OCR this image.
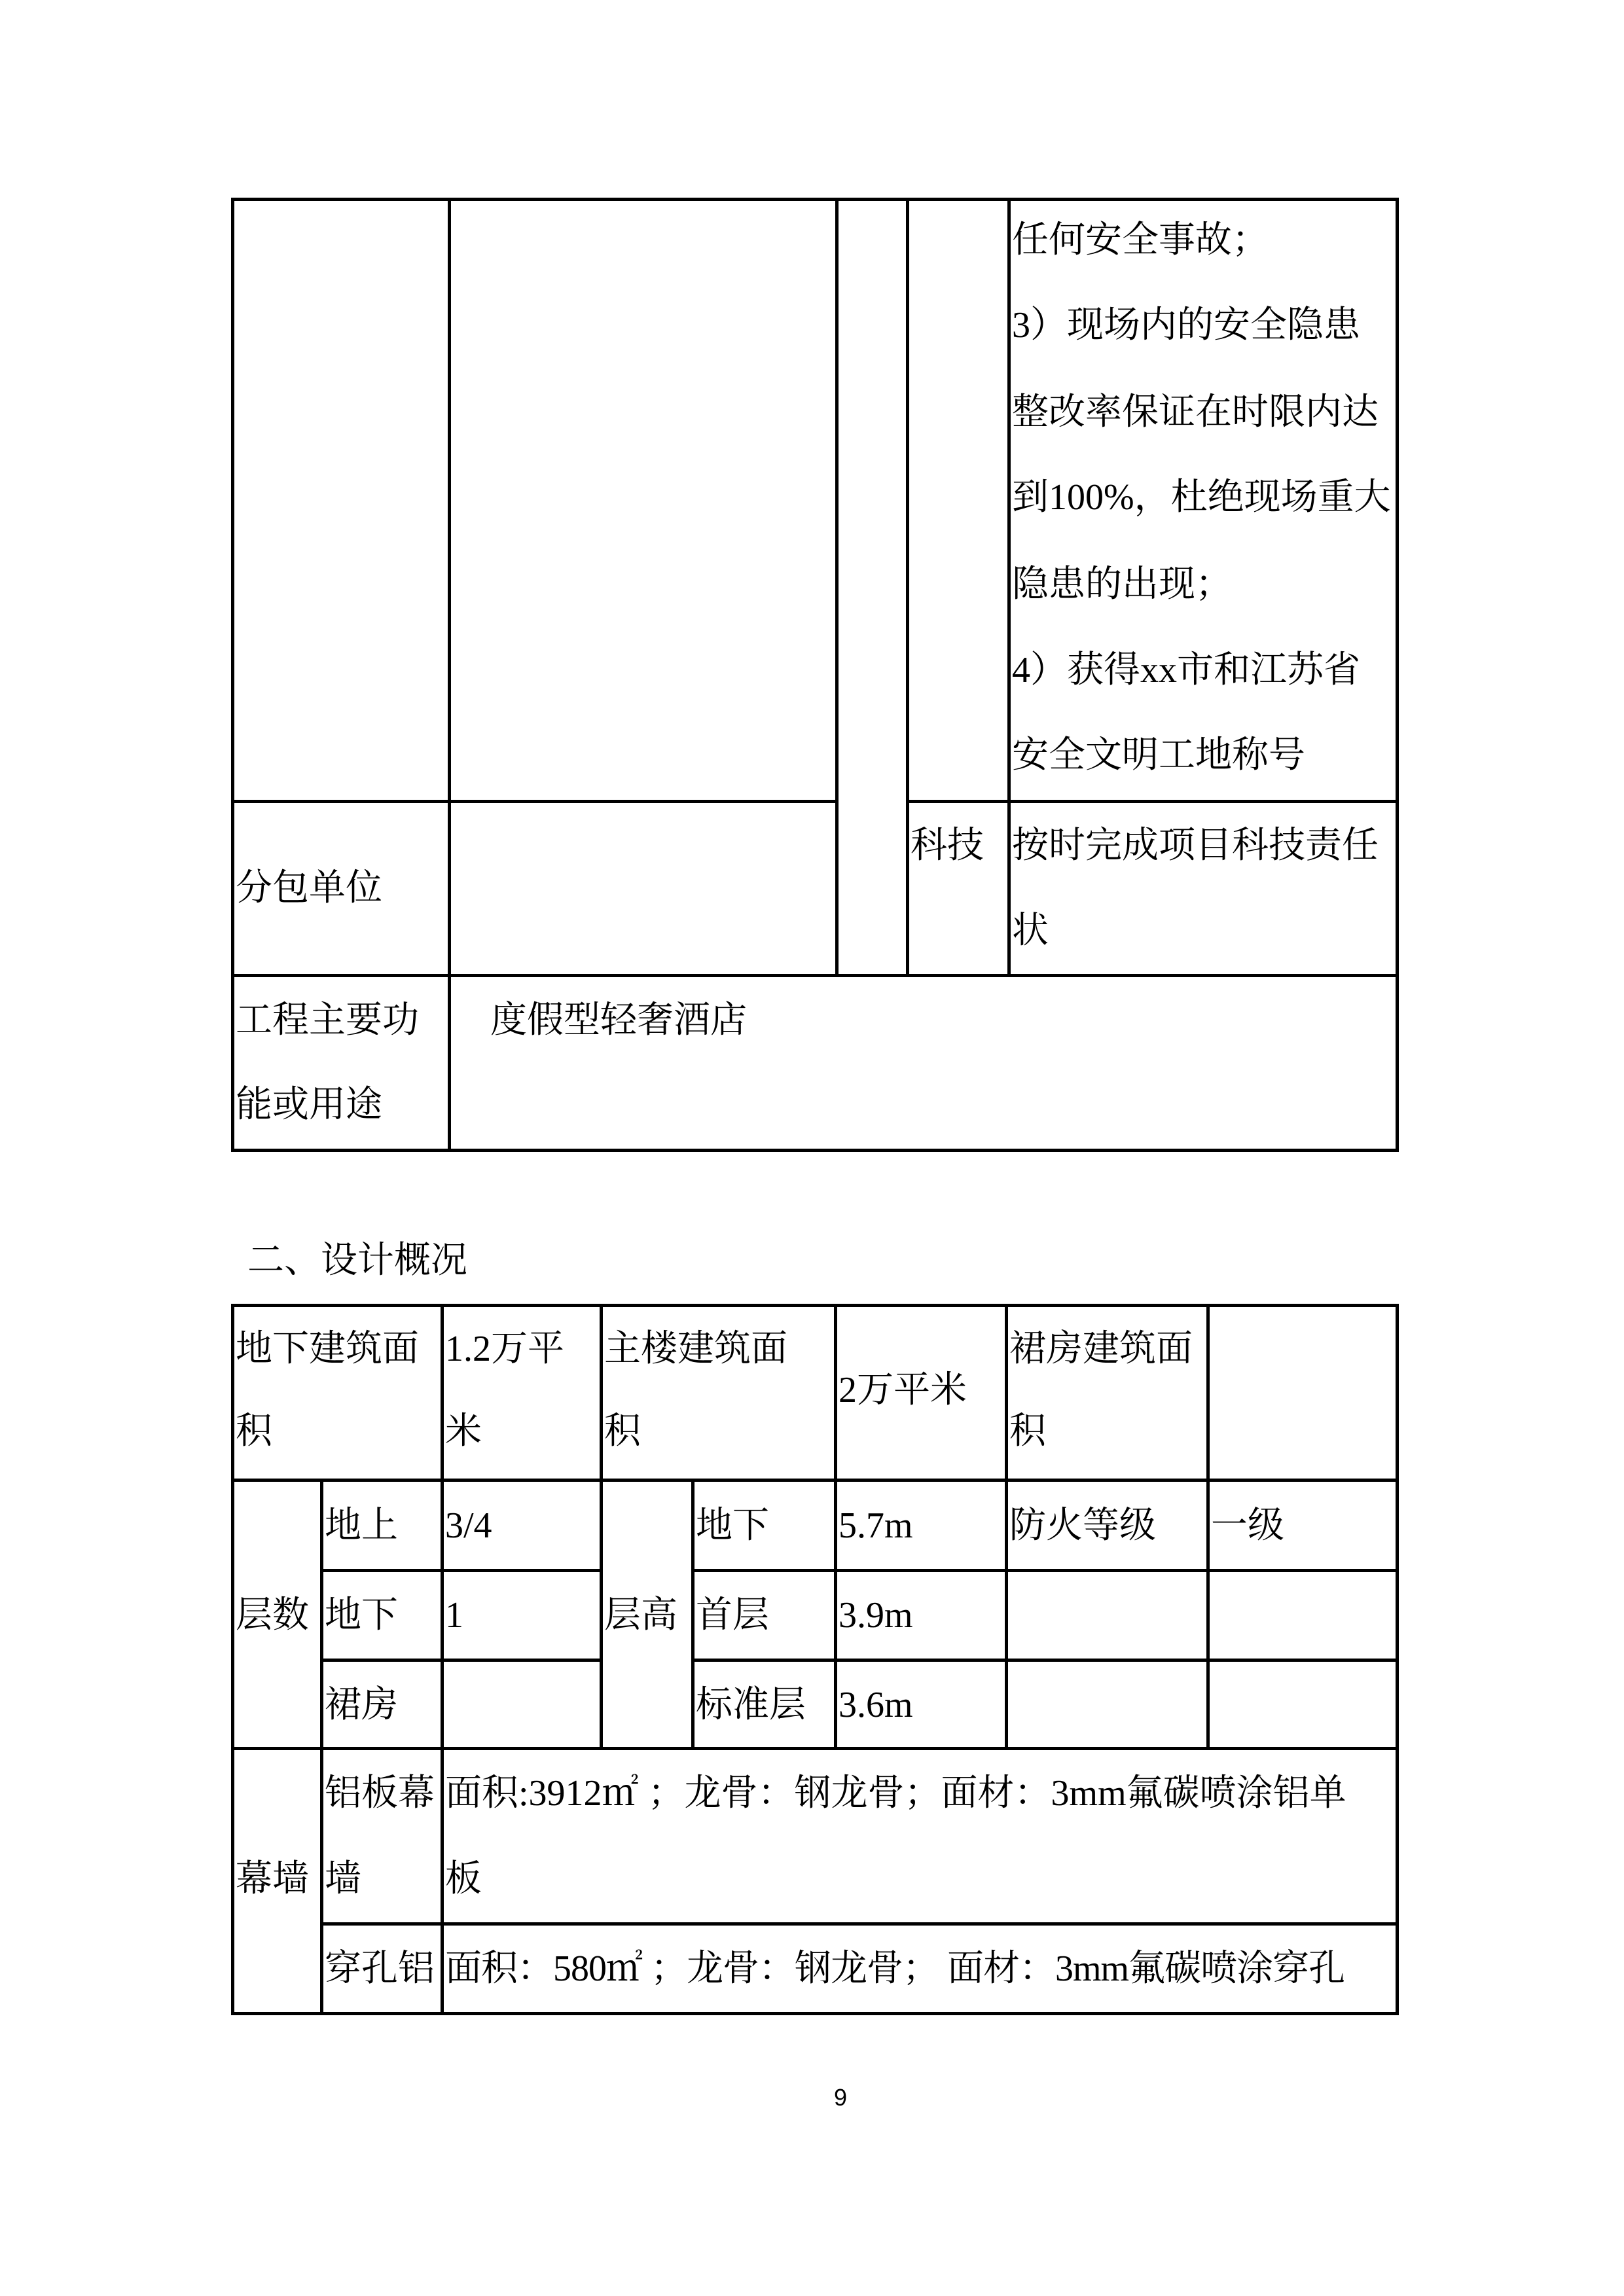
任何安全事故；
3）现场内的安全隐患
整改率保证在时限内达
到100%，杜绝现场重大
隐患的出现；
4）获得xx市和江苏省
安全文明工地称号
分包单位
科技 按时完成项目科技责任
状
工程主要功
能或用途
度假型轻奢酒店
二、设计概况
地下建筑面
积
1.2万平
米
主楼建筑面
积
2万平米
裙房建筑面
积
层数
地上 3/4
地下 1
裙房
层高
地下 5.7m
首层 3.9m
标准层 3.6m
防火等级 一级
幕墙
铝板幕
墙
面积:3912㎡ ；龙骨：钢龙骨；面材：3mm氟碳喷涂铝单
板
穿孔铝 面积：580㎡ ；龙骨：钢龙骨； 面材：3mm氟碳喷涂穿孔
9
